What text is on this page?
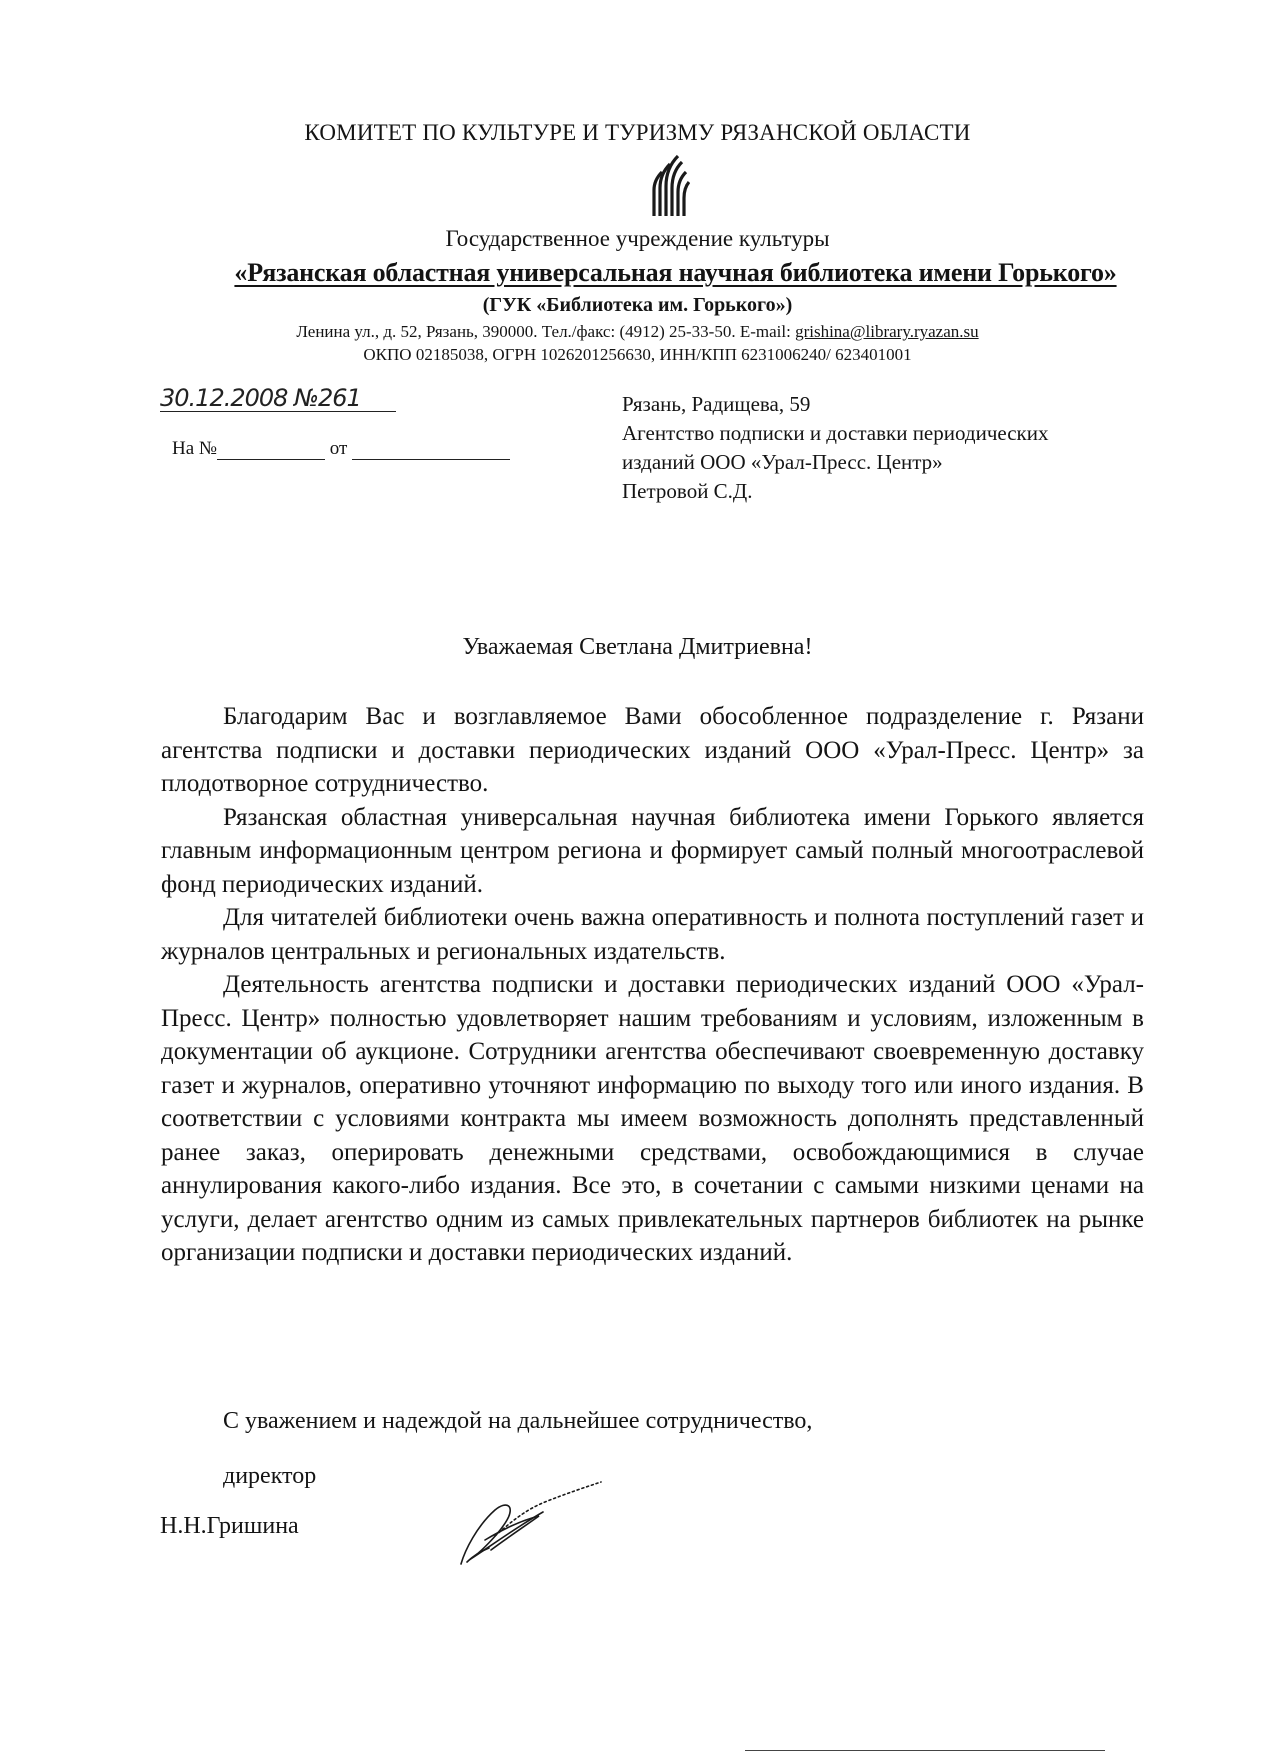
КОМИТЕТ ПО КУЛЬТУРЕ И ТУРИЗМУ РЯЗАНСКОЙ ОБЛАСТИ
Государственное учреждение культуры
«Рязанская областная универсальная научная библиотека имени Горького»
(ГУК «Библиотека им. Горького»)
Ленина ул., д. 52, Рязань, 390000. Тел./факс: (4912) 25-33-50. E-mail: grishina@library.ryazan.su
ОКПО 02185038, ОГРН 1026201256630, ИНН/КПП 6231006240/ 623401001
30.12.2008 №261
На №	от
Рязань, Радищева, 59
Агентство подписки и доставки периодических
изданий ООО «Урал-Пресс. Центр»
Петровой С.Д.
Уважаемая Светлана Дмитриевна!

Благодарим Вас и возглавляемое Вами обособленное подразделение г. Рязани агентства подписки и доставки периодических изданий ООО «Урал-Пресс. Центр» за плодотворное сотрудничество.

Рязанская областная универсальная научная библиотека имени Горького является главным информационным центром региона и формирует самый полный многоотраслевой фонд периодических изданий.

Для читателей библиотеки очень важна оперативность и полнота поступлений газет и журналов центральных и региональных издательств.

Деятельность агентства подписки и доставки периодических изданий ООО «Урал-Пресс. Центр» полностью удовлетворяет нашим требованиям и условиям, изложенным в документации об аукционе. Сотрудники агентства обеспечивают своевременную доставку газет и журналов, оперативно уточняют информацию по выходу того или иного издания. В соответствии с условиями контракта мы имеем возможность дополнять представленный ранее заказ, оперировать денежными средствами, освобождающимися в случае аннулирования какого-либо издания. Все это, в сочетании с самыми низкими ценами на услуги, делает агентство одним из самых привлекательных партнеров библиотек на рынке организации подписки и доставки периодических изданий.

С уважением и надеждой на дальнейшее сотрудничество,
директор
Н.Н.Гришина
